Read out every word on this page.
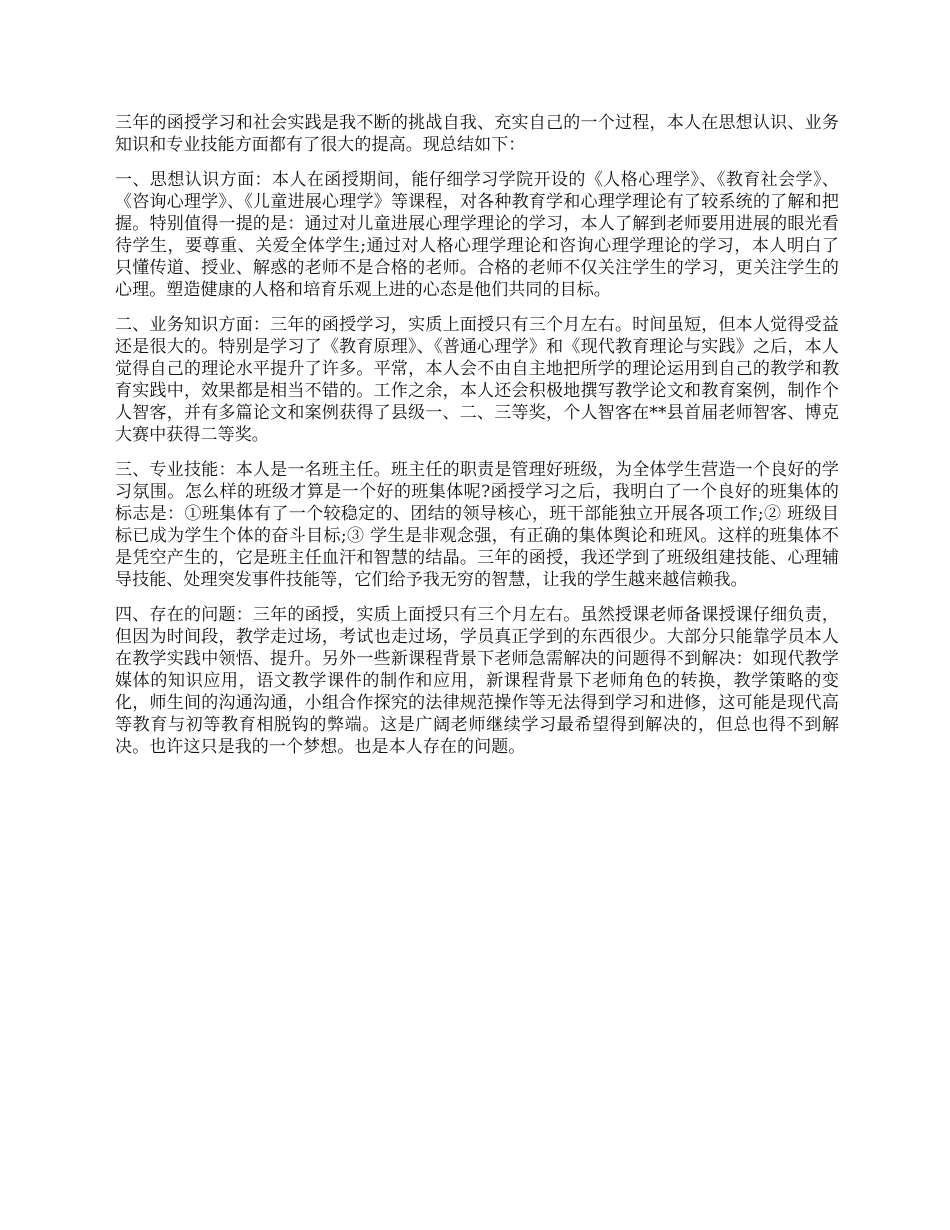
三年的函授学习和社会实践是我不断的挑战自我、充实自己的一个过程，本人在思想认识、业务知识和专业技能方面都有了很大的提高。现总结如下：

一、思想认识方面：本人在函授期间，能仔细学习学院开设的《人格心理学》、《教育社会学》、《咨询心理学》、《儿童进展心理学》等课程，对各种教育学和心理学理论有了较系统的了解和把握。特别值得一提的是：通过对儿童进展心理学理论的学习，本人了解到老师要用进展的眼光看待学生，要尊重、关爱全体学生;通过对人格心理学理论和咨询心理学理论的学习，本人明白了只懂传道、授业、解惑的老师不是合格的老师。合格的老师不仅关注学生的学习，更关注学生的心理。塑造健康的人格和培育乐观上进的心态是他们共同的目标。

二、业务知识方面：三年的函授学习，实质上面授只有三个月左右。时间虽短，但本人觉得受益还是很大的。特别是学习了《教育原理》、《普通心理学》和《现代教育理论与实践》之后，本人觉得自己的理论水平提升了许多。平常，本人会不由自主地把所学的理论运用到自己的教学和教育实践中，效果都是相当不错的。工作之余，本人还会积极地撰写教学论文和教育案例，制作个人智客，并有多篇论文和案例获得了县级一、二、三等奖，个人智客在**县首届老师智客、博克大赛中获得二等奖。

三、专业技能：本人是一名班主任。班主任的职责是管理好班级，为全体学生营造一个良好的学习氛围。怎么样的班级才算是一个好的班集体呢?函授学习之后，我明白了一个良好的班集体的标志是：①班集体有了一个较稳定的、团结的领导核心，班干部能独立开展各项工作;② 班级目标已成为学生个体的奋斗目标;③ 学生是非观念强，有正确的集体舆论和班风。这样的班集体不是凭空产生的，它是班主任血汗和智慧的结晶。三年的函授，我还学到了班级组建技能、心理辅导技能、处理突发事件技能等，它们给予我无穷的智慧，让我的学生越来越信赖我。

四、存在的问题：三年的函授，实质上面授只有三个月左右。虽然授课老师备课授课仔细负责，但因为时间段，教学走过场，考试也走过场，学员真正学到的东西很少。大部分只能靠学员本人在教学实践中领悟、提升。另外一些新课程背景下老师急需解决的问题得不到解决：如现代教学媒体的知识应用，语文教学课件的制作和应用，新课程背景下老师角色的转换，教学策略的变化，师生间的沟通沟通，小组合作探究的法律规范操作等无法得到学习和进修，这可能是现代高等教育与初等教育相脱钩的弊端。这是广阔老师继续学习最希望得到解决的，但总也得不到解决。也许这只是我的一个梦想。也是本人存在的问题。
